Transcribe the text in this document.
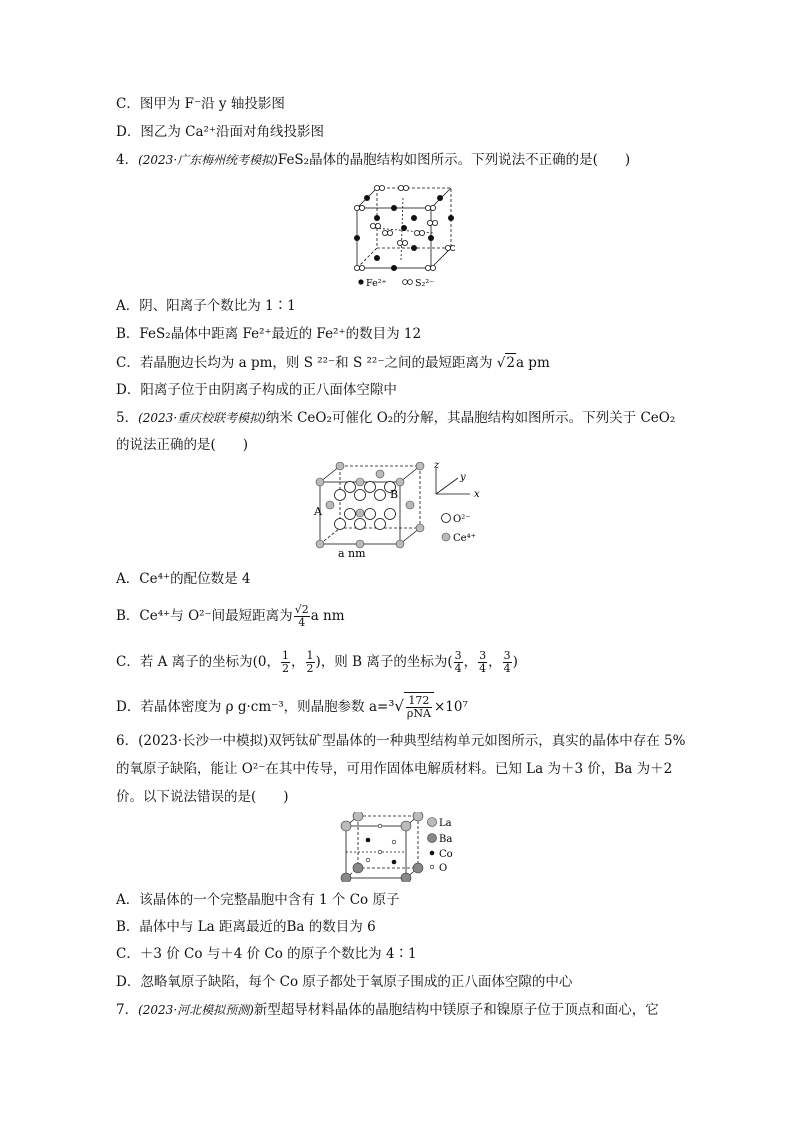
C．图甲为 F⁻沿 y 轴投影图
D．图乙为 Ca²⁺沿面对角线投影图
4．(2023·广东梅州统考模拟)FeS₂晶体的晶胞结构如图所示。下列说法不正确的是(　　)
Fe²⁺	S₂²⁻
A．阴、阳离子个数比为 1∶1
B．FeS₂晶体中距离 Fe²⁺最近的 Fe²⁺的数目为 12
C．若晶胞边长均为 a pm，则 S ²²⁻和 S ²²⁻之间的最短距离为 √2a pm
D．阳离子位于由阴离子构成的正八面体空隙中
5．(2023·重庆校联考模拟)纳米 CeO₂可催化 O₂的分解，其晶胞结构如图所示。下列关于 CeO₂
的说法正确的是(　　)
B
A
a nm
z
y
x
O²⁻
Ce⁴⁺
A．Ce⁴⁺的配位数是 4
B．Ce⁴⁺与 O²⁻间最短距离为 $\frac{√2}{4}$ a nm
C．若 A 离子的坐标为(0， $\frac{1}{2}$ ， $\frac{1}{2}$ )，则 B 离子的坐标为( $\frac{3}{4}$ ， $\frac{3}{4}$ ， $\frac{3}{4}$ )
D．若晶体密度为 ρ g·cm⁻³，则晶胞参数 $a=^3√ \frac{172}{\text{ρNA}} \times 10^7$
6．(2023·长沙一中模拟)双钙钛矿型晶体的一种典型结构单元如图所示，真实的晶体中存在 5%
的氧原子缺陷，能让 O²⁻在其中传导，可用作固体电解质材料。已知 La 为＋3 价，Ba 为＋2
价。以下说法错误的是(　　)
La
Ba
Co
O
A．该晶体的一个完整晶胞中含有 1 个 Co 原子
B．晶体中与 La 距离最近的Ba 的数目为 6
C．＋3 价 Co 与＋4 价 Co 的原子个数比为 4∶1
D．忽略氧原子缺陷，每个 Co 原子都处于氧原子围成的正八面体空隙的中心
7．(2023·河北模拟预测)新型超导材料晶体的晶胞结构中镁原子和镍原子位于顶点和面心，它
